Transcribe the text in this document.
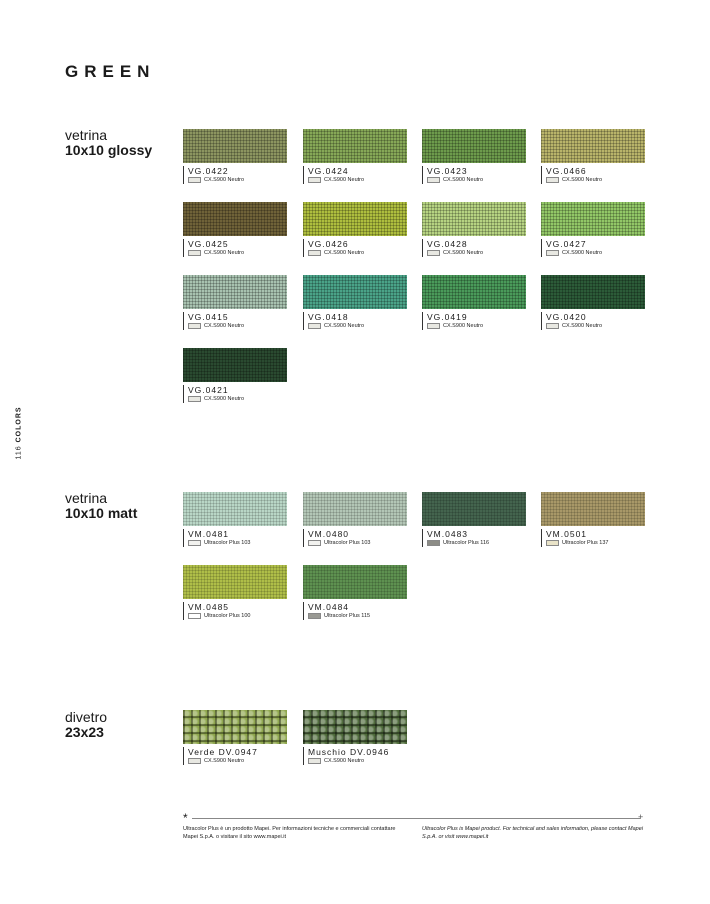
GREEN
116 COLORS
vetrina
10x10 glossy
vetrina
10x10 matt
divetro
23x23
VG.0422
CX.S900 Neutro
VG.0424
CX.S900 Neutro
VG.0423
CX.S900 Neutro
VG.0466
CX.S900 Neutro
VG.0425
CX.S900 Neutro
VG.0426
CX.S900 Neutro
VG.0428
CX.S900 Neutro
VG.0427
CX.S900 Neutro
VG.0415
CX.S900 Neutro
VG.0418
CX.S900 Neutro
VG.0419
CX.S900 Neutro
VG.0420
CX.S900 Neutro
VG.0421
CX.S900 Neutro
VM.0481
Ultracolor Plus 103
VM.0480
Ultracolor Plus 103
VM.0483
Ultracolor Plus 116
VM.0501
Ultracolor Plus 137
VM.0485
Ultracolor Plus 100
VM.0484
Ultracolor Plus 115
Verde DV.0947
CX.S900 Neutro
Muschio DV.0946
CX.S900 Neutro
*	+
Ultracolor Plus è un prodotto Mapei. Per informazioni tecniche e commerciali contattare Mapei S.p.A. o visitare il sito www.mapei.it
Ultracolor Plus is Mapei product. For technical and sales information, please contact Mapei S.p.A. or visit www.mapei.it
